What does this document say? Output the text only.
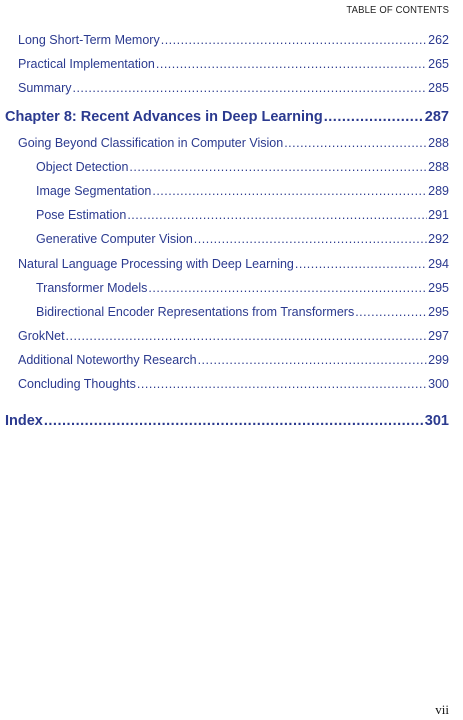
TABLE OF CONTENTS
Long Short-Term Memory .....	262
Practical Implementation .....	265
Summary .....	285
Chapter 8: Recent Advances in Deep Learning .....	287
Going Beyond Classification in Computer Vision .....	288
Object Detection .....	288
Image Segmentation .....	289
Pose Estimation .....	291
Generative Computer Vision .....	292
Natural Language Processing with Deep Learning .....	294
Transformer Models .....	295
Bidirectional Encoder Representations from Transformers .....	295
GrokNet .....	297
Additional Noteworthy Research .....	299
Concluding Thoughts .....	300
Index .....	301
vii
